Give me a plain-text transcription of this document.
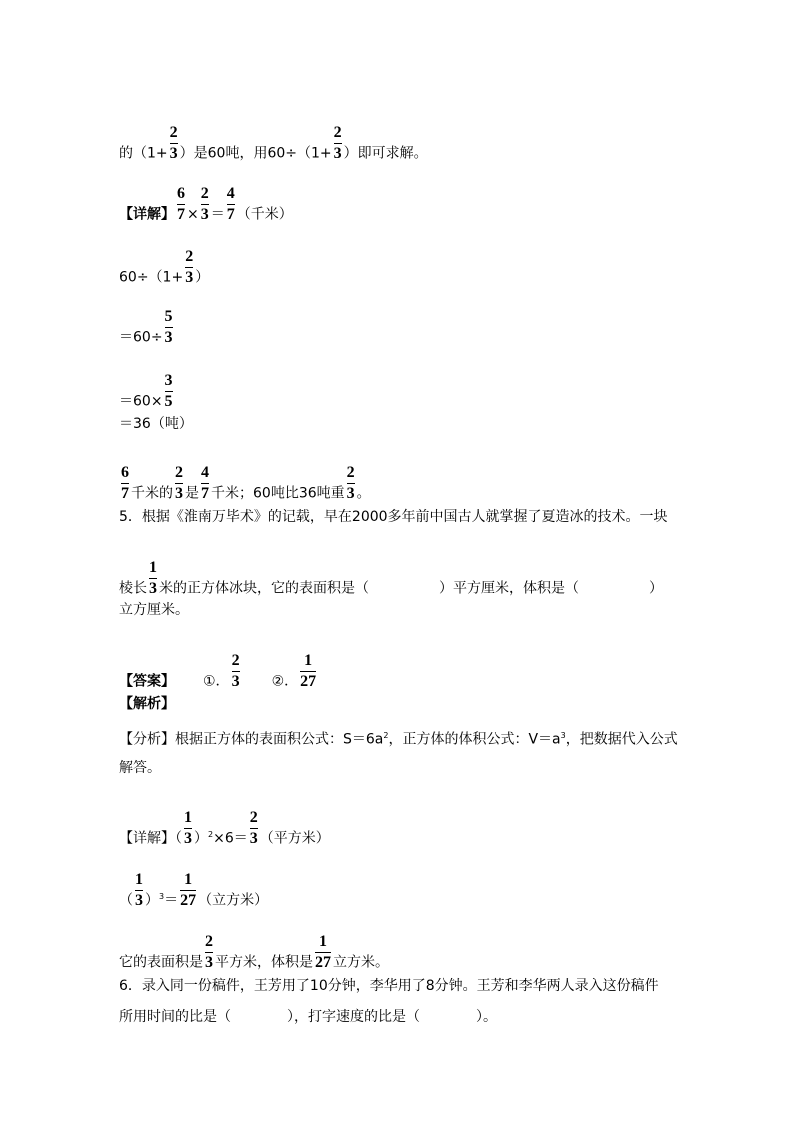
的（$1+ \frac{2}{3}$ ）是60吨，用$60\div(1+ \frac{2}{3}$ ）即可求解。
【详解】 $\frac{6}{7} \times \frac{2}{3} = \frac{4}{7}$ （千米）
$60\div(1+ \frac{2}{3}$ ）
$=60\div \frac{5}{3}$
$=60\times \frac{3}{5}$
＝36（吨）
$\frac{6}{7}$ 千米的 $\frac{2}{3}$ 是 $\frac{4}{7}$ 千米；60吨比36吨重 $\frac{2}{3}$ 。
5．根据《淮南万毕术》的记载，早在2000多年前中国古人就掌握了夏造冰的技术。一块
棱长 $\frac{1}{3}$ 米的正方体冰块，它的表面积是（　　　　　）平方厘米，体积是（　　　　　）
立方厘米。
【答案】 ①． $\frac{2}{3}$ ②． $\frac{1}{27}$
【解析】
【分析】根据正方体的表面积公式：$S=6a^2$，正方体的体积公式：$V=a^3$，把数据代入公式
解答。
【详解】（ $\frac{1}{3} )^2\times 6= \frac{2}{3}$ （平方米）
（ $\frac{1}{3} )^3= \frac{1}{27}$ （立方米）
它的表面积是 $\frac{2}{3}$ 平方米，体积是 $\frac{1}{27}$ 立方米。
6．录入同一份稿件，王芳用了10分钟，李华用了8分钟。王芳和李华两人录入这份稿件
所用时间的比是（　　　　），打字速度的比是（　　　　）。
